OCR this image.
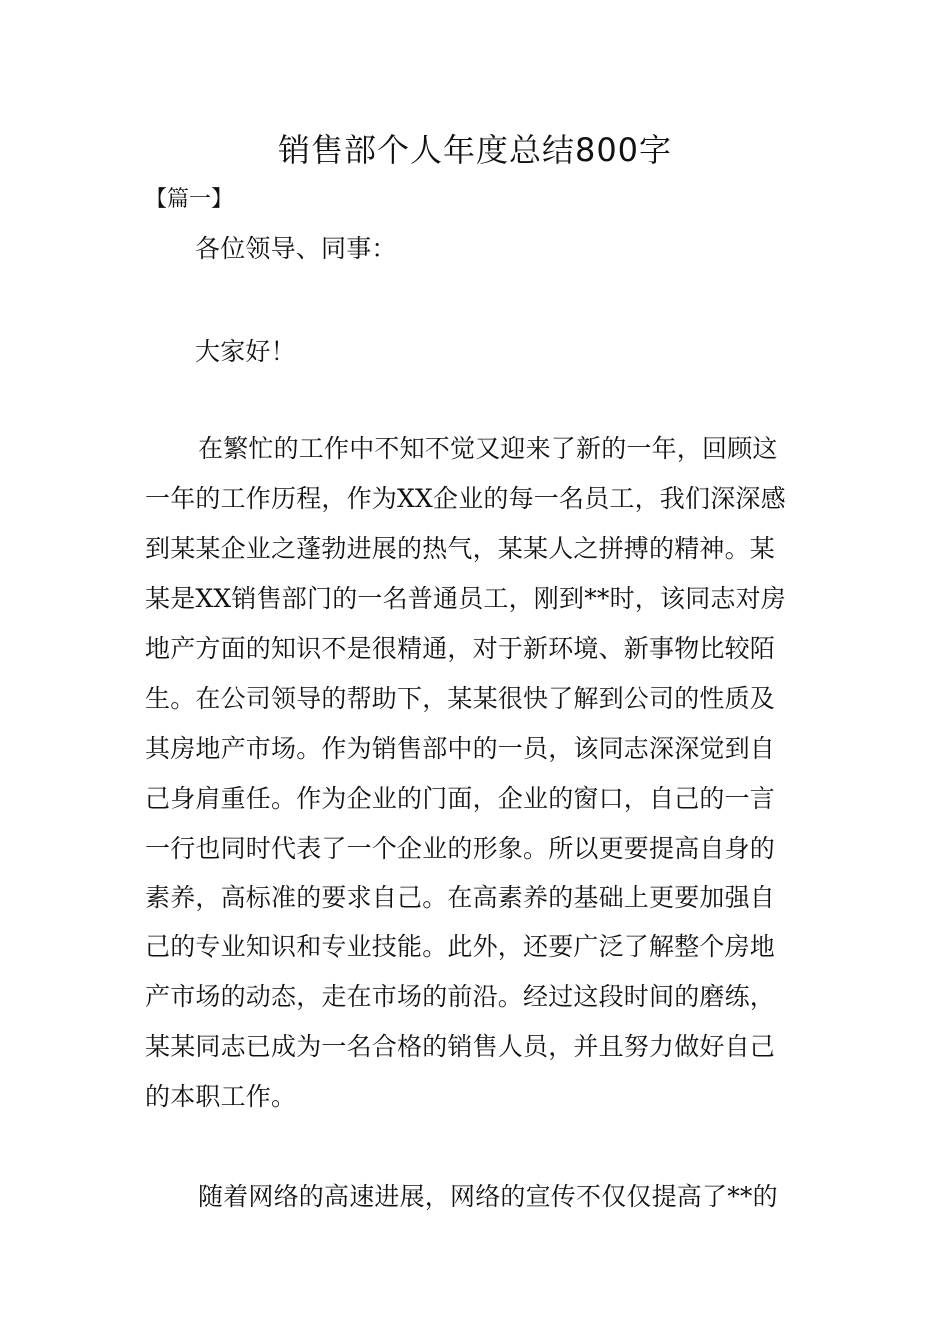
销售部个人年度总结800字
【篇一】
各位领导、同事：
大家好！
在繁忙的工作中不知不觉又迎来了新的一年，回顾这
一年的工作历程，作为XX企业的每一名员工，我们深深感
到某某企业之蓬勃进展的热气，某某人之拼搏的精神。某
某是XX销售部门的一名普通员工，刚到**时，该同志对房
地产方面的知识不是很精通，对于新环境、新事物比较陌
生。在公司领导的帮助下，某某很快了解到公司的性质及
其房地产市场。作为销售部中的一员，该同志深深觉到自
己身肩重任。作为企业的门面，企业的窗口，自己的一言
一行也同时代表了一个企业的形象。所以更要提高自身的
素养，高标准的要求自己。在高素养的基础上更要加强自
己的专业知识和专业技能。此外，还要广泛了解整个房地
产市场的动态，走在市场的前沿。经过这段时间的磨练，
某某同志已成为一名合格的销售人员，并且努力做好自己
的本职工作。
随着网络的高速进展，网络的宣传不仅仅提高了**的
